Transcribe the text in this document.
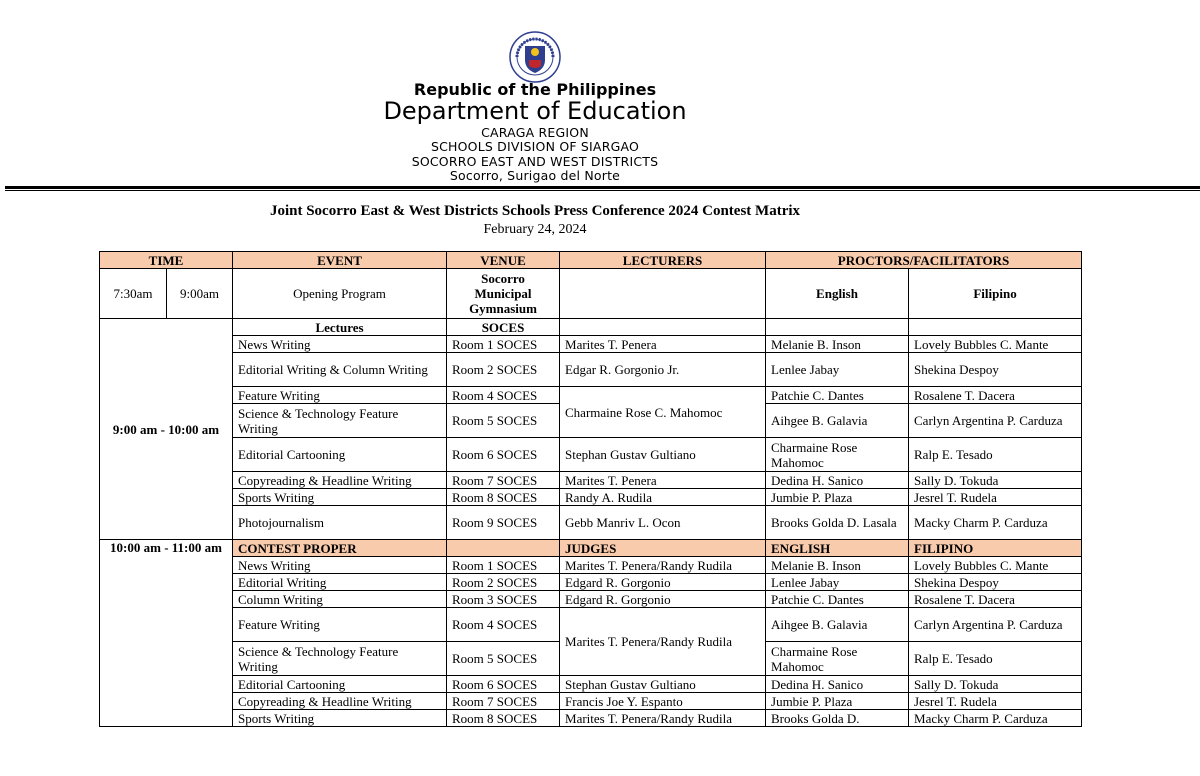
Republic of the Philippines
Department of Education
CARAGA REGION
SCHOOLS DIVISION OF SIARGAO
SOCORRO EAST AND WEST DISTRICTS
Socorro, Surigao del Norte
Joint Socorro East & West Districts Schools Press Conference 2024 Contest Matrix
February 24, 2024
TIME		EVENT	VENUE	LECTURERS	PROCTORS/FACILITATORS	
7:30am	9:00am	Opening Program	Socorro Municipal Gymnasium		English	Filipino
9:00 am - 10:00 am		Lectures	SOCES			
		News Writing	Room 1 SOCES	Marites T. Penera	Melanie B. Inson	Lovely Bubbles C. Mante
		Editorial Writing & Column Writing	Room 2 SOCES	Edgar R. Gorgonio Jr.	Lenlee Jabay	Shekina Despoy
		Feature Writing	Room 4 SOCES	Charmaine Rose C. Mahomoc	Patchie C. Dantes	Rosalene T. Dacera
		Science & Technology Feature Writing	Room 5 SOCES		Aihgee B. Galavia	Carlyn Argentina P. Carduza
		Editorial Cartooning	Room 6 SOCES	Stephan Gustav Gultiano	Charmaine Rose Mahomoc	Ralp E. Tesado
		Copyreading & Headline Writing	Room 7 SOCES	Marites T. Penera	Dedina H. Sanico	Sally D. Tokuda
		Sports Writing	Room 8 SOCES	Randy A. Rudila	Jumbie P. Plaza	Jesrel T. Rudela
		Photojournalism	Room 9 SOCES	Gebb Manriv L. Ocon	Brooks Golda D. Lasala	Macky Charm P. Carduza
10:00 am - 11:00 am		CONTEST PROPER		JUDGES	ENGLISH	FILIPINO
		News Writing	Room 1 SOCES	Marites T. Penera/Randy Rudila	Melanie B. Inson	Lovely Bubbles C. Mante
		Editorial Writing	Room 2 SOCES	Edgard R. Gorgonio	Lenlee Jabay	Shekina Despoy
		Column Writing	Room 3 SOCES	Edgard R. Gorgonio	Patchie C. Dantes	Rosalene T. Dacera
		Feature Writing	Room 4 SOCES	Marites T. Penera/Randy Rudila	Aihgee B. Galavia	Carlyn Argentina P. Carduza
		Science & Technology Feature Writing	Room 5 SOCES		Charmaine Rose Mahomoc	Ralp E. Tesado
		Editorial Cartooning	Room 6 SOCES	Stephan Gustav Gultiano	Dedina H. Sanico	Sally D. Tokuda
		Copyreading & Headline Writing	Room 7 SOCES	Francis Joe Y. Espanto	Jumbie P. Plaza	Jesrel T. Rudela
		Sports Writing	Room 8 SOCES	Marites T. Penera/Randy Rudila	Brooks Golda D.	Macky Charm P. Carduza
